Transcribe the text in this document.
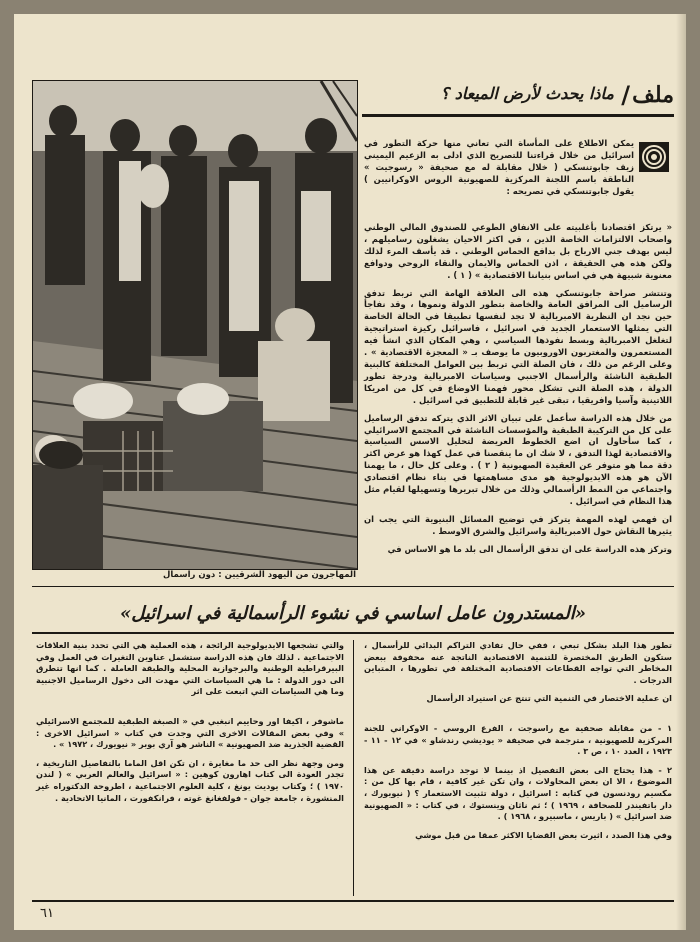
المهاجرون من اليهود الشرقيين : دون راسمال
ملف
/
ماذا يحدث لأرض الميعاد ؟

يمكن الاطلاع على المأساة التي تعاني منها حركة التطور في اسرائيل من خلال قراءتنا للتصريح الذي ادلى به الزعيم اليميني زيف جابوتنسكي ( خلال مقابلة له مع صحيفة « رسوجيت » الناطقة باسم اللجنة المركزية للصهيونية الروس الاوكرانيين ) يقول جابوتنسكي في تصريحه :

« يرتكز اقتصادنا بأغلبيته على الانفاق الطوعي للصندوق المالي الوطني واصحاب الالتزامات الخاصة الذين ، في اكثر الاحيان يشغلون رساميلهم ، ليس بهدف جني الارباح بل بدافع الحماس الوطني . قد يأسف المرء لذلك ولكن هذه هي الحقيقة ، اذن الحماس والايمان والنقاء الروحي ودوافع معنوية شبيهة هي في اساس بنياننا الاقتصادية » ( ١ ) .

وتنتشر صراحة جابوتنسكي هذه الى العلاقة الهامة التي تربط تدفق الرساميل الى المرافق العامة والخاصة بتطور الدولة ونموها ، وقد نفاجأ حين نجد ان النظرية الامبريالية لا تجد لنفسها تطبيقا في الحالة الخاصة التي يمثلها الاستعمار الجديد في اسرائيل ، فاسرائيل ركيزة استراتيجية لتغلغل الامبريالية وبسط نفوذها السياسي ، وهي المكان الذي انشأ فيه المستعمرون والمغتربون الاوروبيون ما يوصف بـ « المعجزة الاقتصادية » . وعلى الرغم من ذلك ، فان الصلة التي تربط بين العوامل المختلفة كالبنية الطبقية الناشئة والرأسمال الاجنبي وسياسات الامبريالية ودرجة تطور الدولة ، هذه الصلة التي تشكل محور فهمنا الاوضاع في كل من امريكا اللاتينية وآسيا وافريقيا ، تبقى غير قابلة للتطبيق في اسرائيل .

من خلال هذه الدراسة سأعمل على تبيان الاثر الذي يتركه تدفق الرساميل على كل من التركيبة الطبقية والمؤسسات الناشئة في المجتمع الاسرائيلي ، كما سأحاول ان اضع الخطوط العريضة لتحليل الاسس السياسية والاقتصادية لهذا التدفق ، لا شك ان ما ينقصنا في عمل كهذا هو عرض اكثر دقة مما هو متوفر عن العقيدة الصهيونية ( ٢ ) . وعلى كل حال ، ما يهمنا الآن هو هذه الايديولوجية هو مدى مساهمتها في بناء نظام اقتصادي واجتماعي من النمط الرأسمالي وذلك من خلال تبريرها وتسهيلها لقيام مثل هذا النظام في اسرائيل .

ان فهمي لهذه المهمة يتركز في توضيح المسائل البنيوية التي يجب ان يثيرها النقاش حول الامبريالية واسرائيل والشرق الاوسط .

وتركز هذه الدراسة على ان تدفق الرأسمال الى بلد ما هو الاساس في

«المستدرون عامل اساسي في نشوء الرأسمالية في اسرائيل»

تطور هذا البلد بشكل تبعي ، ففي حال تفادي التراكم البدائي للرأسمال ، ستكون الطريق المختصرة للتنمية الاقتصادية الناتجة عنه محفوفة ببعض المخاطر التي تواجه القطاعات الاقتصادية المختلفة في تطورها ، المتباين الدرجات .

ان عملية الاختصار في التنمية التي تنتج عن استيراد الرأسمال

١ - من مقابلة صحفية مع راسوجت ، الفرع الروسي - الاوكراني للجنة المركزية للصهيونية ، مترجمة في صحيفة « يوديشي رندشاو » في ١٢ - ١١ - ١٩٢٣ ، العدد ١٠ ، ص ٣ .

٢ - هذا يحتاج الى بعض التفصيل اذ بينما لا توجد دراسة دقيقة عن هذا الموضوع ، الا ان بعض المحاولات ، وان تكن غير كافية ، قام بها كل من : مكسيم رودنسون في كتابه : اسرائيل ، دولة تثبيت الاستعمار ؟ ( نيويورك ، دار باتفيندر للصحافة ، ١٩٦٩ ) ؛ ثم ناثان وينستوك ، في كتاب : « الصهيونية ضد اسرائيل » ( باريس ، ماسبيرو ، ١٩٦٨ ) .

وفي هذا الصدد ، اثيرت بعض القضايا الاكثر عمقا من قبل موشي

والتي تشجعها الايديولوجية الرائجة ، هذه العملية هي التي تحدد بنية العلاقات الاجتماعية . لذلك فان هذه الدراسة ستشمل عناوين التغيرات في العمل وفي البيرقراطية الوطنية والبرجوازية المحلية والطبقة العاملة . كما انها تتطرق الى دور الدولة : ما هي السياسات التي مهدت الى دخول الرساميل الاجنبية وما هي السياسات التي اتبعت على اثر

ماشوفر ، اكيفا اور وحاييم انبغبي في « الصبغة الطبقية للمجتمع الاسرائيلي » وفي بعض المقالات الاخرى التي وجدت في كتاب « اسرائيل الاخرى : القضية الجذرية ضد الصهيونية » الناشر هو آري بوبر « نيويورك ، ١٩٧٢ » .

ومن وجهة نظر الى حد ما مغايرة ، ان تكن اقل الماما بالتفاصيل التاريخية ، تجدر العودة الى كتاب اهارون كوهين : « اسرائيل والعالم العربي » ( لندن ١٩٧٠ ) ؛ وكتاب يوديت يونغ ، كلية العلوم الاجتماعية ، اطروحة الدكتوراه غير المنشورة ، جامعة جوان - فولفغانغ غوته ، فرانكفورت ، المانيا الاتحادية .

٦١
